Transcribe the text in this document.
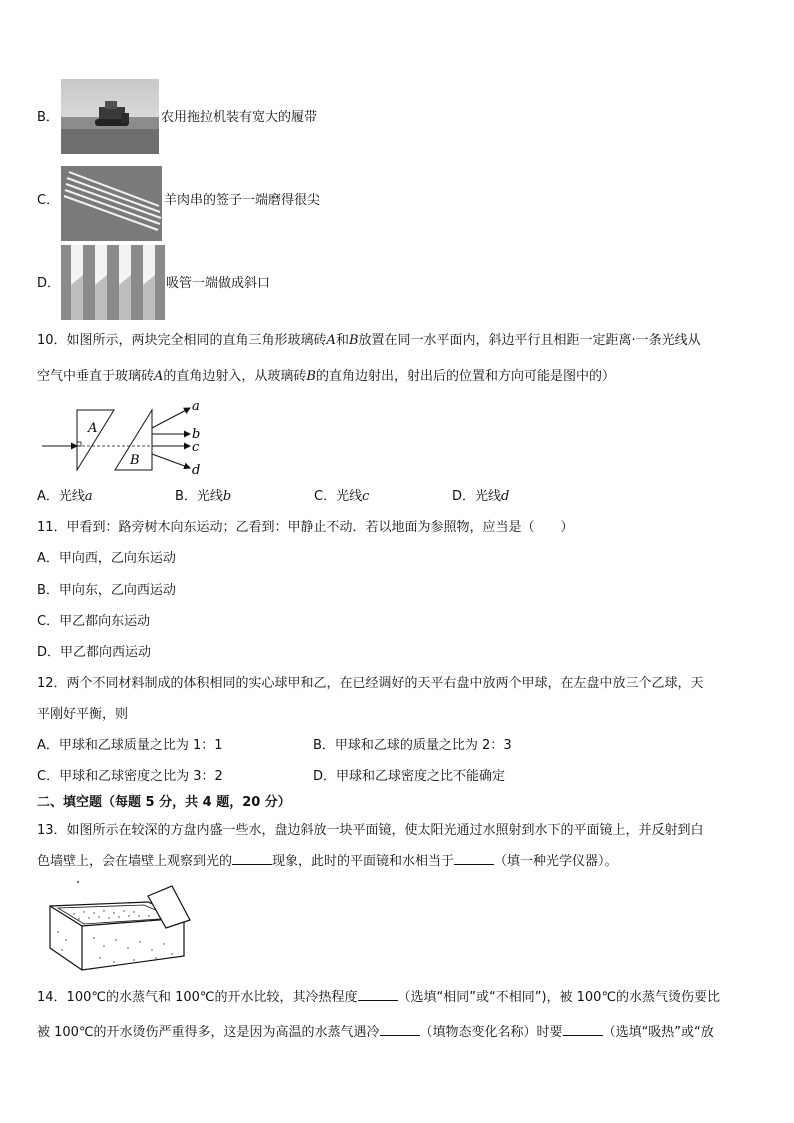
B．	农用拖拉机装有宽大的履带
C．	羊肉串的签子一端磨得很尖
D．	吸管一端做成斜口
10．如图所示，两块完全相同的直角三角形玻璃砖A和B放置在同一水平面内，斜边平行且相距一定距离·一条光线从
空气中垂直于玻璃砖A的直角边射入，从玻璃砖B的直角边射出，射出后的位置和方向可能是图中的）
A
B
a
b
c
d
A．光线a	B．光线b	C．光线c	D．光线d
11．甲看到：路旁树木向东运动；乙看到：甲静止不动．若以地面为参照物，应当是（　　）
A．甲向西，乙向东运动
B．甲向东，乙向西运动
C．甲乙都向东运动
D．甲乙都向西运动
12．两个不同材料制成的体积相同的实心球甲和乙，在已经调好的天平右盘中放两个甲球，在左盘中放三个乙球，天
平刚好平衡，则
A．甲球和乙球质量之比为 1：1	B．甲球和乙球的质量之比为 2：3
C．甲球和乙球密度之比为 3：2	D．甲球和乙球密度之比不能确定
二、填空题（每题 5 分，共 4 题，20 分）
13．如图所示在较深的方盘内盛一些水，盘边斜放一块平面镜，使太阳光通过水照射到水下的平面镜上，并反射到白
色墙壁上，会在墙壁上观察到光的	现象，此时的平面镜和水相当于	（填一种光学仪器）。
14．100℃的水蒸气和 100℃的开水比较，其冷热程度	（选填“相同”或“不相同”)，被 100℃的水蒸气烫伤要比
被 100℃的开水烫伤严重得多，这是因为高温的水蒸气遇冷	（填物态变化名称）时要	（选填“吸热”或“放
